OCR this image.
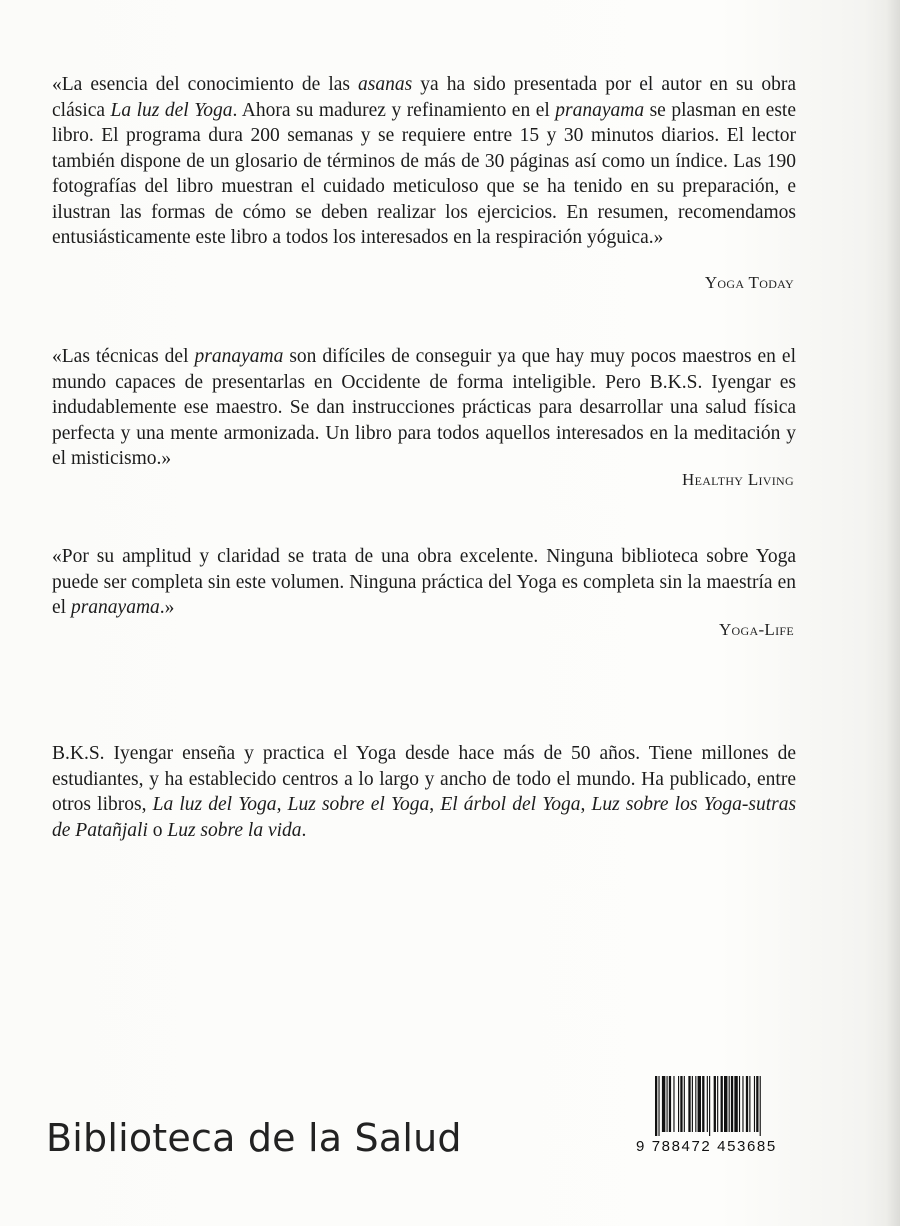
«La esencia del conocimiento de las asanas ya ha sido presentada por el autor en su obra clásica La luz del Yoga. Ahora su madurez y refinamiento en el pranayama se plasman en este libro. El programa dura 200 semanas y se requiere entre 15 y 30 minutos diarios. El lector también dispone de un glosario de términos de más de 30 páginas así como un índice. Las 190 fotografías del libro muestran el cuidado meticuloso que se ha tenido en su preparación, e ilustran las formas de cómo se deben realizar los ejercicios. En resumen, recomendamos entusiásticamente este libro a todos los interesados en la respiración yóguica.»

Yoga Today

«Las técnicas del pranayama son difíciles de conseguir ya que hay muy pocos maestros en el mundo capaces de presentarlas en Occidente de forma inteligible. Pero B.K.S. Iyengar es indudablemente ese maestro. Se dan instrucciones prácticas para desarrollar una salud física perfecta y una mente armonizada. Un libro para todos aquellos interesados en la meditación y el misticismo.»

Healthy Living

«Por su amplitud y claridad se trata de una obra excelente. Ninguna biblioteca sobre Yoga puede ser completa sin este volumen. Ninguna práctica del Yoga es completa sin la maestría en el pranayama.»

Yoga-Life

B.K.S. Iyengar enseña y practica el Yoga desde hace más de 50 años. Tiene millones de estudiantes, y ha establecido centros a lo largo y ancho de todo el mundo. Ha publicado, entre otros libros, La luz del Yoga, Luz sobre el Yoga, El árbol del Yoga, Luz sobre los Yoga-sutras de Patañjali o Luz sobre la vida.

Biblioteca de la Salud	9 788472 453685
